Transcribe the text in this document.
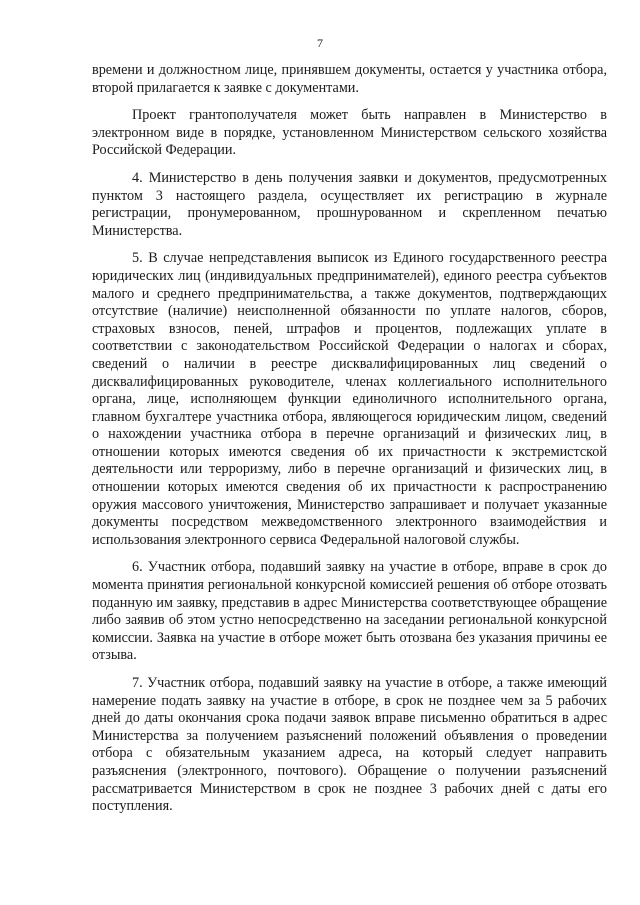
7

времени и должностном лице, принявшем документы, остается у участника отбора, второй прилагается к заявке с документами.

Проект грантополучателя может быть направлен в Министерство в электронном виде в порядке, установленном Министерством сельского хозяйства Российской Федерации.

4. Министерство в день получения заявки и документов, предусмотренных пунктом 3 настоящего раздела, осуществляет их регистрацию в журнале регистрации, пронумерованном, прошнурованном и скрепленном печатью Министерства.

5. В случае непредставления выписок из Единого государственного реестра юридических лиц (индивидуальных предпринимателей), единого реестра субъектов малого и среднего предпринимательства, а также документов, подтверждающих отсутствие (наличие) неисполненной обязанности по уплате налогов, сборов, страховых взносов, пеней, штрафов и процентов, подлежащих уплате в соответствии с законодательством Российской Федерации о налогах и сборах, сведений о наличии в реестре дисквалифицированных лиц сведений о дисквалифицированных руководителе, членах коллегиального исполнительного органа, лице, исполняющем функции единоличного исполнительного органа, главном бухгалтере участника отбора, являющегося юридическим лицом, сведений о нахождении участника отбора в перечне организаций и физических лиц, в отношении которых имеются сведения об их причастности к экстремистской деятельности или терроризму, либо в перечне организаций и физических лиц, в отношении которых имеются сведения об их причастности к распространению оружия массового уничтожения, Министерство запрашивает и получает указанные документы посредством межведомственного электронного взаимодействия и использования электронного сервиса Федеральной налоговой службы.

6. Участник отбора, подавший заявку на участие в отборе, вправе в срок до момента принятия региональной конкурсной комиссией решения об отборе отозвать поданную им заявку, представив в адрес Министерства соответствующее обращение либо заявив об этом устно непосредственно на заседании региональной конкурсной комиссии. Заявка на участие в отборе может быть отозвана без указания причины ее отзыва.

7. Участник отбора, подавший заявку на участие в отборе, а также имеющий намерение подать заявку на участие в отборе, в срок не позднее чем за 5 рабочих дней до даты окончания срока подачи заявок вправе письменно обратиться в адрес Министерства за получением разъяснений положений объявления о проведении отбора с обязательным указанием адреса, на который следует направить разъяснения (электронного, почтового). Обращение о получении разъяснений рассматривается Министерством в срок не позднее 3 рабочих дней с даты его поступления.
